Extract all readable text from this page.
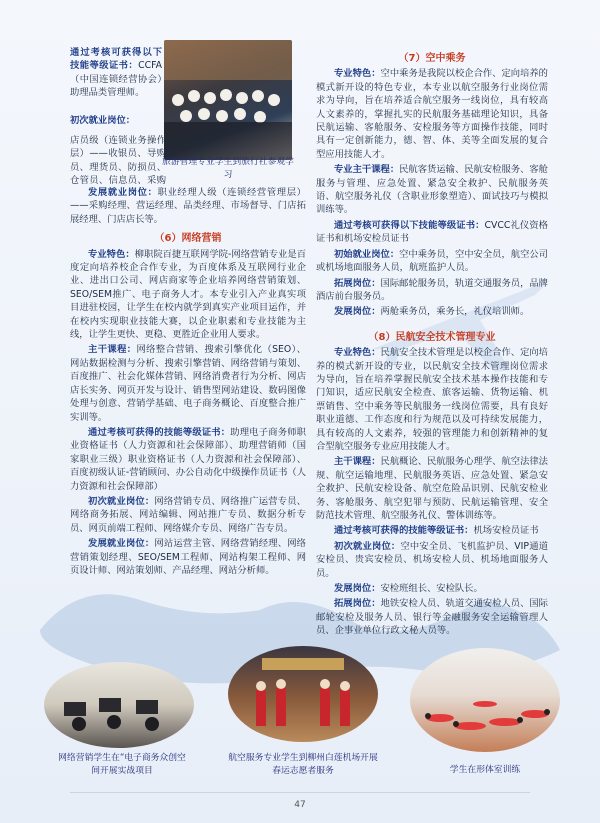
通过考核可获得以下技能等级证书：CCFA（中国连锁经营协会）助理品类管理师。

旅游管理专业学生到旅行社参观学习

初次就业岗位：

店员级（连锁业务操作层）——收银员、导购员、理货员、防损员、仓管员、信息员、采购

发展就业岗位：职业经理人级（连锁经营管理层）——采购经理、营运经理、品类经理、市场督导、门店拓展经理、门店店长等。

（6）网络营销

专业特色：柳职院百捷互联网学院-网络营销专业是百度定向培养校企合作专业，为百度体系及互联网行业企业、进出口公司、网店商家等企业培养网络营销策划、SEO/SEM推广、电子商务人才。本专业引入产业真实项目进驻校园，让学生在校内就学到真实产业项目运作，并在校内实现职业技能大赛，以企业职素和专业技能为主线，让学生更快、更稳、更胜近企业用人要求。

主干课程：网络整合营销、搜索引擎优化（SEO）、网站数据检测与分析、搜索引擎营销、网络营销与策划、百度推广、社会化媒体营销、网络消费者行为分析、网店店长实务、网页开发与设计、销售型网站建设、数码图像处理与创意、营销学基础、电子商务概论、百度整合推广实训等。

通过考核可获得的技能等级证书：助理电子商务师职业资格证书（人力资源和社会保障部）、助理营销师（国家职业三级）职业资格证书（人力资源和社会保障部）、百度初级认证-营销顾问、办公自动化中级操作员证书（人力资源和社会保障部）

初次就业岗位：网络营销专员、网络推广运营专员、网络商务拓展、网站编辑、网站推广专员、数据分析专员、网页前端工程师、网络媒介专员、网络广告专员。

发展就业岗位：网站运营主管、网络营销经理、网络营销策划经理、SEO/SEM工程师、网站构架工程师、网页设计师、网站策划师、产品经理、网站分析师。

（7）空中乘务

专业特色：空中乘务是我院以校企合作、定向培养的模式新开设的特色专业，本专业以航空服务行业岗位需求为导向，旨在培养适合航空服务一线岗位，具有较高人文素养的，掌握扎实的民航服务基础理论知识，具备民航运输、客舱服务、安检服务等方面操作技能，同时具有一定创新能力，德、智、体、美等全面发展的复合型应用技能人才。

专业主干课程：民航客货运输、民航安检服务、客舱服务与管理、应急处置、紧急安全救护、民航服务英语、航空服务礼仪（含职业形象塑造）、面试技巧与模拟训练等。

通过考核可获得以下技能等级证书：CVCC礼仪资格证书和机场安检员证书

初始就业岗位：空中乘务员，空中安全员，航空公司或机场地面服务人员，航班监护人员。

拓展岗位：国际邮轮服务员，轨道交通服务员，品牌酒店前台服务员。

发展岗位：两舱乘务员，乘务长，礼仪培训师。

（8）民航安全技术管理专业

专业特色：民航安全技术管理是以校企合作、定向培养的模式新开设的专业，以民航安全技术管理岗位需求为导向，旨在培养掌握民航安全技术基本操作技能和专门知识，适应民航安全检查、旅客运输、货物运输、机票销售、空中乘务等民航服务一线岗位需要，具有良好职业道德、工作态度和行为规范以及可持续发展能力，具有较高的人文素养，较强的管理能力和创新精神的复合型航空服务专业应用技能人才。

主干课程：民航概论、民航服务心理学、航空法律法规、航空运输地理、民航服务英语、应急处置、紧急安全救护、民航安检设备、航空危险品识别、民航安检业务、客舱服务、航空犯罪与预防、民航运输管理、安全防范技术管理、航空服务礼仪、警体训练等。

通过考核可获得的技能等级证书：机场安检员证书

初次就业岗位：空中安全员、飞机监护员、VIP通道安检员、贵宾安检员、机场安检人员、机场地面服务人员。

发展岗位：安检班组长、安检队长。

拓展岗位：地铁安检人员、轨道交通安检人员、国际邮轮安检及服务人员、银行等金融服务安全运输管理人员、企事业单位行政文秘人员等。

网络营销学生在“电子商务众创空间开展实战项目
航空服务专业学生到柳州白莲机场开展春运志愿者服务	学生在形体室训练
47
